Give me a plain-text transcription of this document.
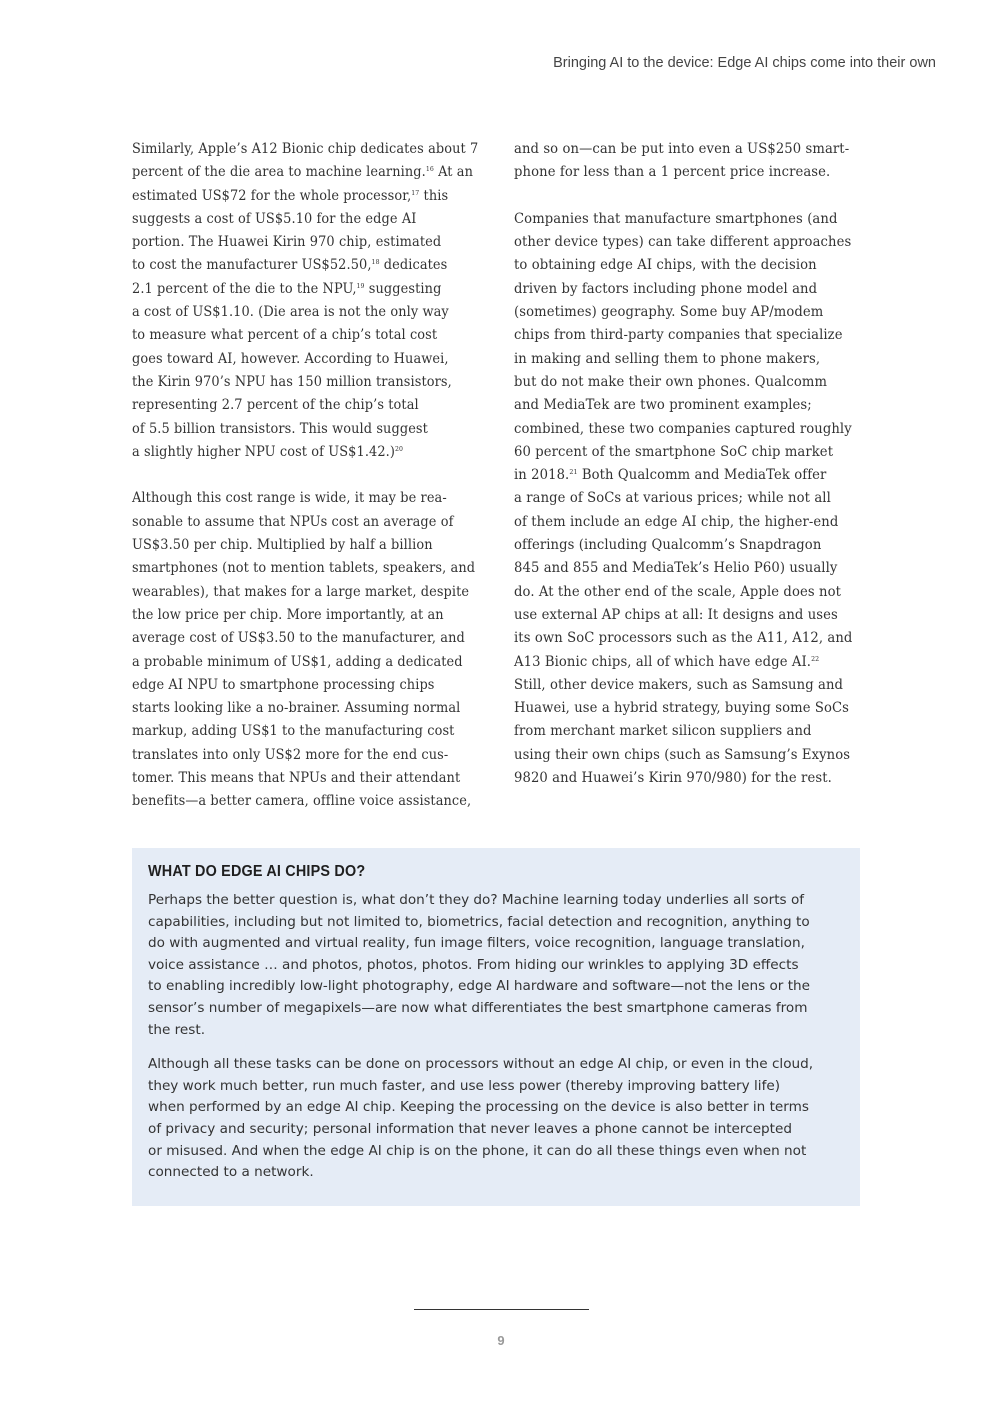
Bringing AI to the device: Edge AI chips come into their own
Similarly, Apple’s A12 Bionic chip dedicates about 7
percent of the die area to machine learning.$^{16}$ At an
estimated US$72 for the whole processor,$^{17}$ this
suggests a cost of US$5.10 for the edge AI
portion. The Huawei Kirin 970 chip, estimated
to cost the manufacturer US$52.50,18 dedicates
2.1 percent of the die to the NPU,$^{19}$ suggesting
a cost of US$1.10. (Die area is not the only way
to measure what percent of a chip’s total cost
goes toward AI, however. According to Huawei,
the Kirin 970’s NPU has 150 million transistors,
representing 2.7 percent of the chip’s total
of 5.5 billion transistors. This would suggest
a slightly higher NPU cost of US$1.42.)$^{20}$
Although this cost range is wide, it may be rea-
sonable to assume that NPUs cost an average of
US$3.50 per chip. Multiplied by half a billion
smartphones (not to mention tablets, speakers, and
wearables), that makes for a large market, despite
the low price per chip. More importantly, at an
average cost of US$3.50 to the manufacturer, and
a probable minimum of US$1, adding a dedicated
edge AI NPU to smartphone processing chips
starts looking like a no-brainer. Assuming normal
markup, adding US$1 to the manufacturing cost
translates into only US$2 more for the end cus-
tomer. This means that NPUs and their attendant
benefits—a better camera, offline voice assistance,
and so on—can be put into even a US$250 smart-
phone for less than a 1 percent price increase.
Companies that manufacture smartphones (and
other device types) can take different approaches
to obtaining edge AI chips, with the decision
driven by factors including phone model and
(sometimes) geography. Some buy AP/modem
chips from third-party companies that specialize
in making and selling them to phone makers,
but do not make their own phones. Qualcomm
and MediaTek are two prominent examples;
combined, these two companies captured roughly
60 percent of the smartphone SoC chip market
in 2018.21 Both Qualcomm and MediaTek offer
a range of SoCs at various prices; while not all
of them include an edge AI chip, the higher-end
offerings (including Qualcomm’s Snapdragon
845 and 855 and MediaTek’s Helio P60) usually
do. At the other end of the scale, Apple does not
use external AP chips at all: It designs and uses
its own SoC processors such as the A11, A12, and
A13 Bionic chips, all of which have edge AI.$^{22}$
Still, other device makers, such as Samsung and
Huawei, use a hybrid strategy, buying some SoCs
from merchant market silicon suppliers and
using their own chips (such as Samsung’s Exynos
9820 and Huawei’s Kirin 970/980) for the rest.
WHAT DO EDGE AI CHIPS DO?
Perhaps the better question is, what don’t they do? Machine learning today underlies all sorts of
capabilities, including but not limited to, biometrics, facial detection and recognition, anything to
do with augmented and virtual reality, fun image filters, voice recognition, language translation,
voice assistance … and photos, photos, photos. From hiding our wrinkles to applying 3D effects
to enabling incredibly low-light photography, edge AI hardware and software—not the lens or the
sensor’s number of megapixels—are now what differentiates the best smartphone cameras from
the rest.
Although all these tasks can be done on processors without an edge AI chip, or even in the cloud,
they work much better, run much faster, and use less power (thereby improving battery life)
when performed by an edge AI chip. Keeping the processing on the device is also better in terms
of privacy and security; personal information that never leaves a phone cannot be intercepted
or misused. And when the edge AI chip is on the phone, it can do all these things even when not
connected to a network.
9
